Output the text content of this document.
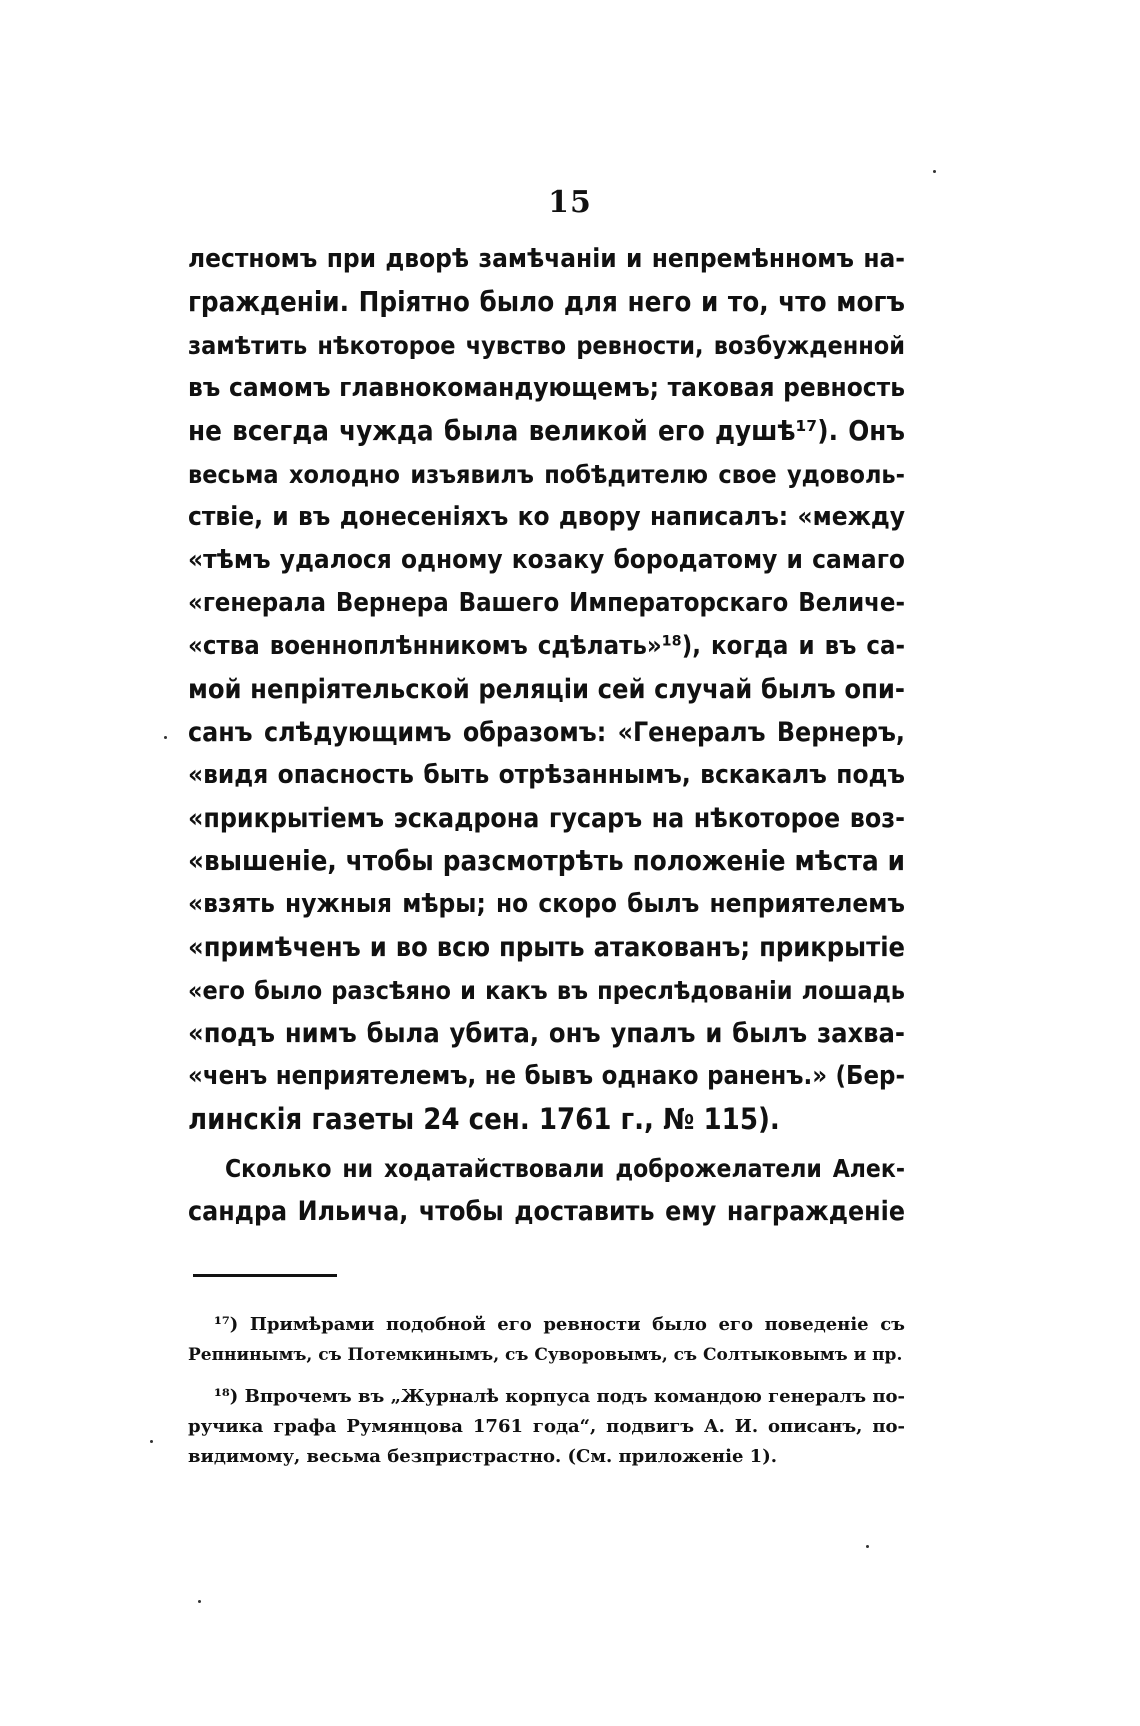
15
лестномъ при дворѣ замѣчаніи и непремѣнномъ на-
гражденіи. Пріятно было для него и то, что могъ
замѣтить нѣкоторое чувство ревности, возбужденной
въ самомъ главнокомандующемъ; таковая ревность
не всегда чужда была великой его душѣ¹⁷). Онъ
весьма холодно изъявилъ побѣдителю свое удоволь-
ствіе, и въ донесеніяхъ ко двору написалъ: «между
«тѣмъ удалося одному козаку бородатому и самаго
«генерала Вернера Вашего Императорскаго Величе-
«ства военноплѣнникомъ сдѣлать»¹⁸), когда и въ са-
мой непріятельской реляціи сей случай былъ опи-
санъ слѣдующимъ образомъ: «Генералъ Вернеръ,
«видя опасность быть отрѣзаннымъ, вскакалъ подъ
«прикрытіемъ эскадрона гусаръ на нѣкоторое воз-
«вышеніе, чтобы разсмотрѣть положеніе мѣста и
«взять нужныя мѣры; но скоро былъ неприятелемъ
«примѣченъ и во всю прыть атакованъ; прикрытіе
«его было разсѣяно и какъ въ преслѣдованіи лошадь
«подъ нимъ была убита, онъ упалъ и былъ захва-
«ченъ неприятелемъ, не бывъ однако раненъ.» (Бер-
линскія газеты 24 сен. 1761 г., № 115).
Сколько ни ходатайствовали доброжелатели Алек-
сандра Ильича, чтобы доставить ему награжденіе
¹⁷) Примѣрами подобной его ревности было его поведеніе съ
Репнинымъ, съ Потемкинымъ, съ Суворовымъ, съ Солтыковымъ и пр.
¹⁸) Впрочемъ въ „Журналѣ корпуса подъ командою генералъ по-
ручика графа Румянцова 1761 года“, подвигъ А. И. описанъ, по-
видимому, весьма безпристрастно. (См. приложеніе 1).
